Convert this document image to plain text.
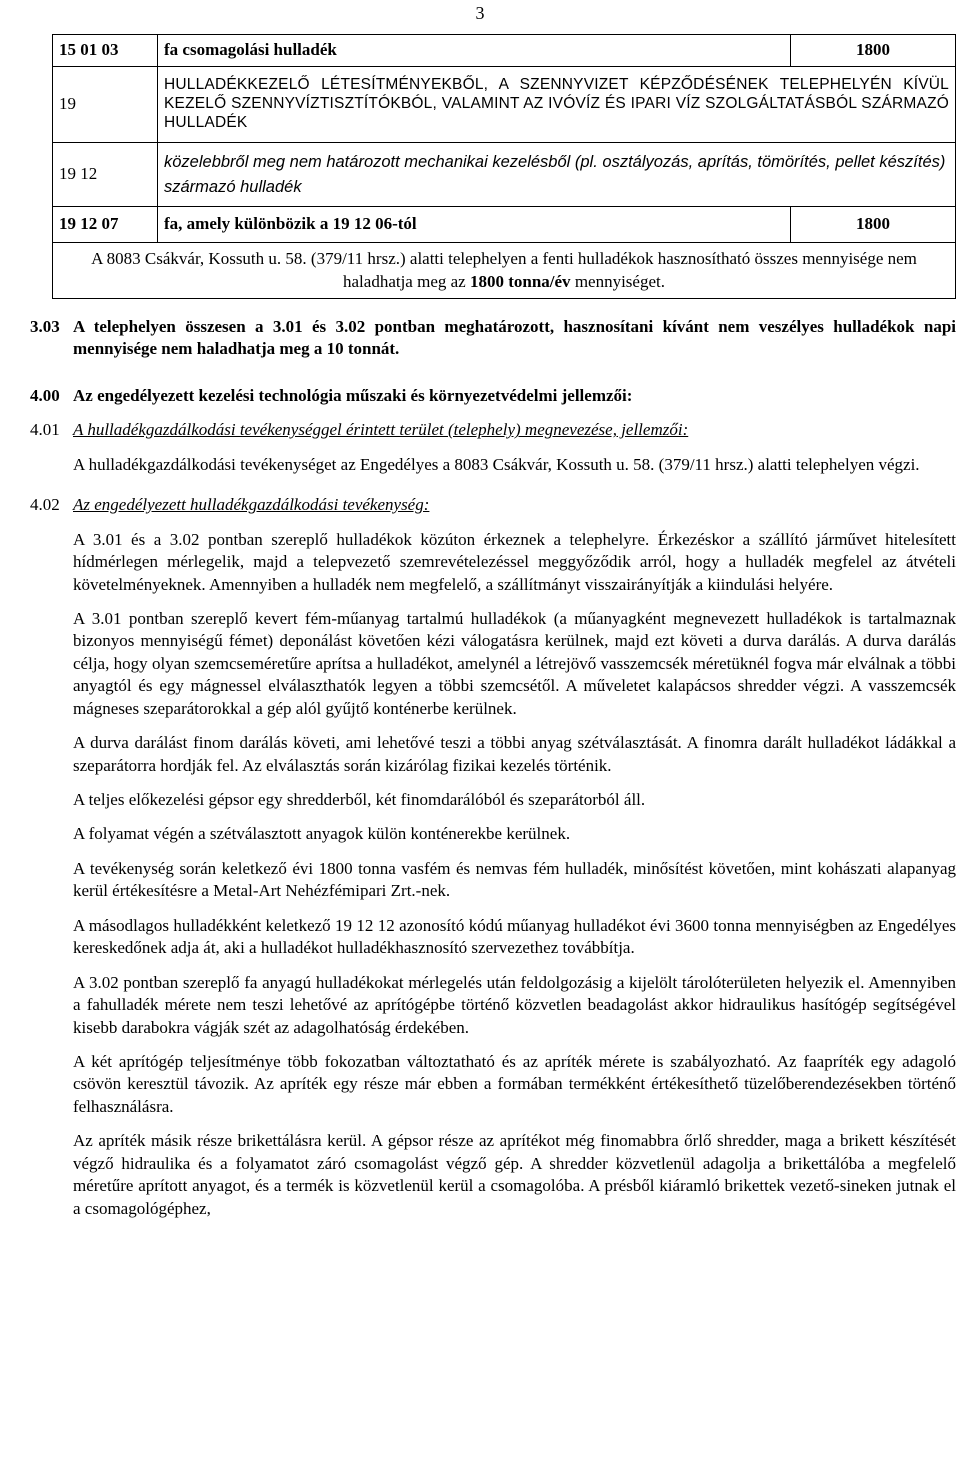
3
15 01 03	fa csomagolási hulladék	1800
19	HULLADÉKKEZELŐ LÉTESÍTMÉNYEKBŐL, A SZENNYVIZET KÉPZŐDÉSÉNEK TELEPHELYÉN KÍVÜL KEZELŐ SZENNYVÍZTISZTÍTÓKBÓL, VALAMINT AZ IVÓVÍZ ÉS IPARI VÍZ SZOLGÁLTATÁSBÓL SZÁRMAZÓ HULLADÉK	
19 12	közelebbről meg nem határozott mechanikai kezelésből (pl. osztályozás, aprítás, tömörítés, pellet készítés) származó hulladék	
19 12 07	fa, amely különbözik a 19 12 06-tól	1800
A 8083 Csákvár, Kossuth u. 58. (379/11 hrsz.) alatti telephelyen a fenti hulladékok hasznosítható összes mennyisége nem haladhatja meg az 1800 tonna/év mennyiséget.		
3.03 A telephelyen összesen a 3.01 és 3.02 pontban meghatározott, hasznosítani kívánt nem veszélyes hulladékok napi mennyisége nem haladhatja meg a 10 tonnát.
4.00 Az engedélyezett kezelési technológia műszaki és környezetvédelmi jellemzői:
4.01 A hulladékgazdálkodási tevékenységgel érintett terület (telephely) megnevezése, jellemzői:

A hulladékgazdálkodási tevékenységet az Engedélyes a 8083 Csákvár, Kossuth u. 58. (379/11 hrsz.) alatti telephelyen végzi.

4.02 Az engedélyezett hulladékgazdálkodási tevékenység:

A 3.01 és a 3.02 pontban szereplő hulladékok közúton érkeznek a telephelyre. Érkezéskor a szállító járművet hitelesített hídmérlegen mérlegelik, majd a telepvezető szemrevételezéssel meggyőződik arról, hogy a hulladék megfelel az átvételi követelményeknek. Amennyiben a hulladék nem megfelelő, a szállítmányt visszairányítják a kiindulási helyére.

A 3.01 pontban szereplő kevert fém-műanyag tartalmú hulladékok (a műanyagként megnevezett hulladékok is tartalmaznak bizonyos mennyiségű fémet) deponálást követően kézi válogatásra kerülnek, majd ezt követi a durva darálás. A durva darálás célja, hogy olyan szemcseméretűre aprítsa a hulladékot, amelynél a létrejövő vasszemcsék méretüknél fogva már elválnak a többi anyagtól és egy mágnessel elválaszthatók legyen a többi szemcsétől. A műveletet kalapácsos shredder végzi. A vasszemcsék mágneses szeparátorokkal a gép alól gyűjtő konténerbe kerülnek.

A durva darálást finom darálás követi, ami lehetővé teszi a többi anyag szétválasztását. A finomra darált hulladékot ládákkal a szeparátorra hordják fel. Az elválasztás során kizárólag fizikai kezelés történik.

A teljes előkezelési gépsor egy shredderből, két finomdarálóból és szeparátorból áll.

A folyamat végén a szétválasztott anyagok külön konténerekbe kerülnek.

A tevékenység során keletkező évi 1800 tonna vasfém és nemvas fém hulladék, minősítést követően, mint kohászati alapanyag kerül értékesítésre a Metal-Art Nehézfémipari Zrt.-nek.

A másodlagos hulladékként keletkező 19 12 12 azonosító kódú műanyag hulladékot évi 3600 tonna mennyiségben az Engedélyes kereskedőnek adja át, aki a hulladékot hulladékhasznosító szervezethez továbbítja.

A 3.02 pontban szereplő fa anyagú hulladékokat mérlegelés után feldolgozásig a kijelölt tárolóterületen helyezik el. Amennyiben a fahulladék mérete nem teszi lehetővé az aprítógépbe történő közvetlen beadagolást akkor hidraulikus hasítógép segítségével kisebb darabokra vágják szét az adagolhatóság érdekében.

A két aprítógép teljesítménye több fokozatban változtatható és az apríték mérete is szabályozható. Az faapríték egy adagoló csövön keresztül távozik. Az apríték egy része már ebben a formában termékként értékesíthető tüzelőberendezésekben történő felhasználásra.

Az apríték másik része brikettálásra kerül. A gépsor része az aprítékot még finomabbra őrlő shredder, maga a brikett készítését végző hidraulika és a folyamatot záró csomagolást végző gép. A shredder közvetlenül adagolja a brikettálóba a megfelelő méretűre aprított anyagot, és a termék is közvetlenül kerül a csomagolóba. A présből kiáramló brikettek vezető-sineken jutnak el a csomagológéphez,
